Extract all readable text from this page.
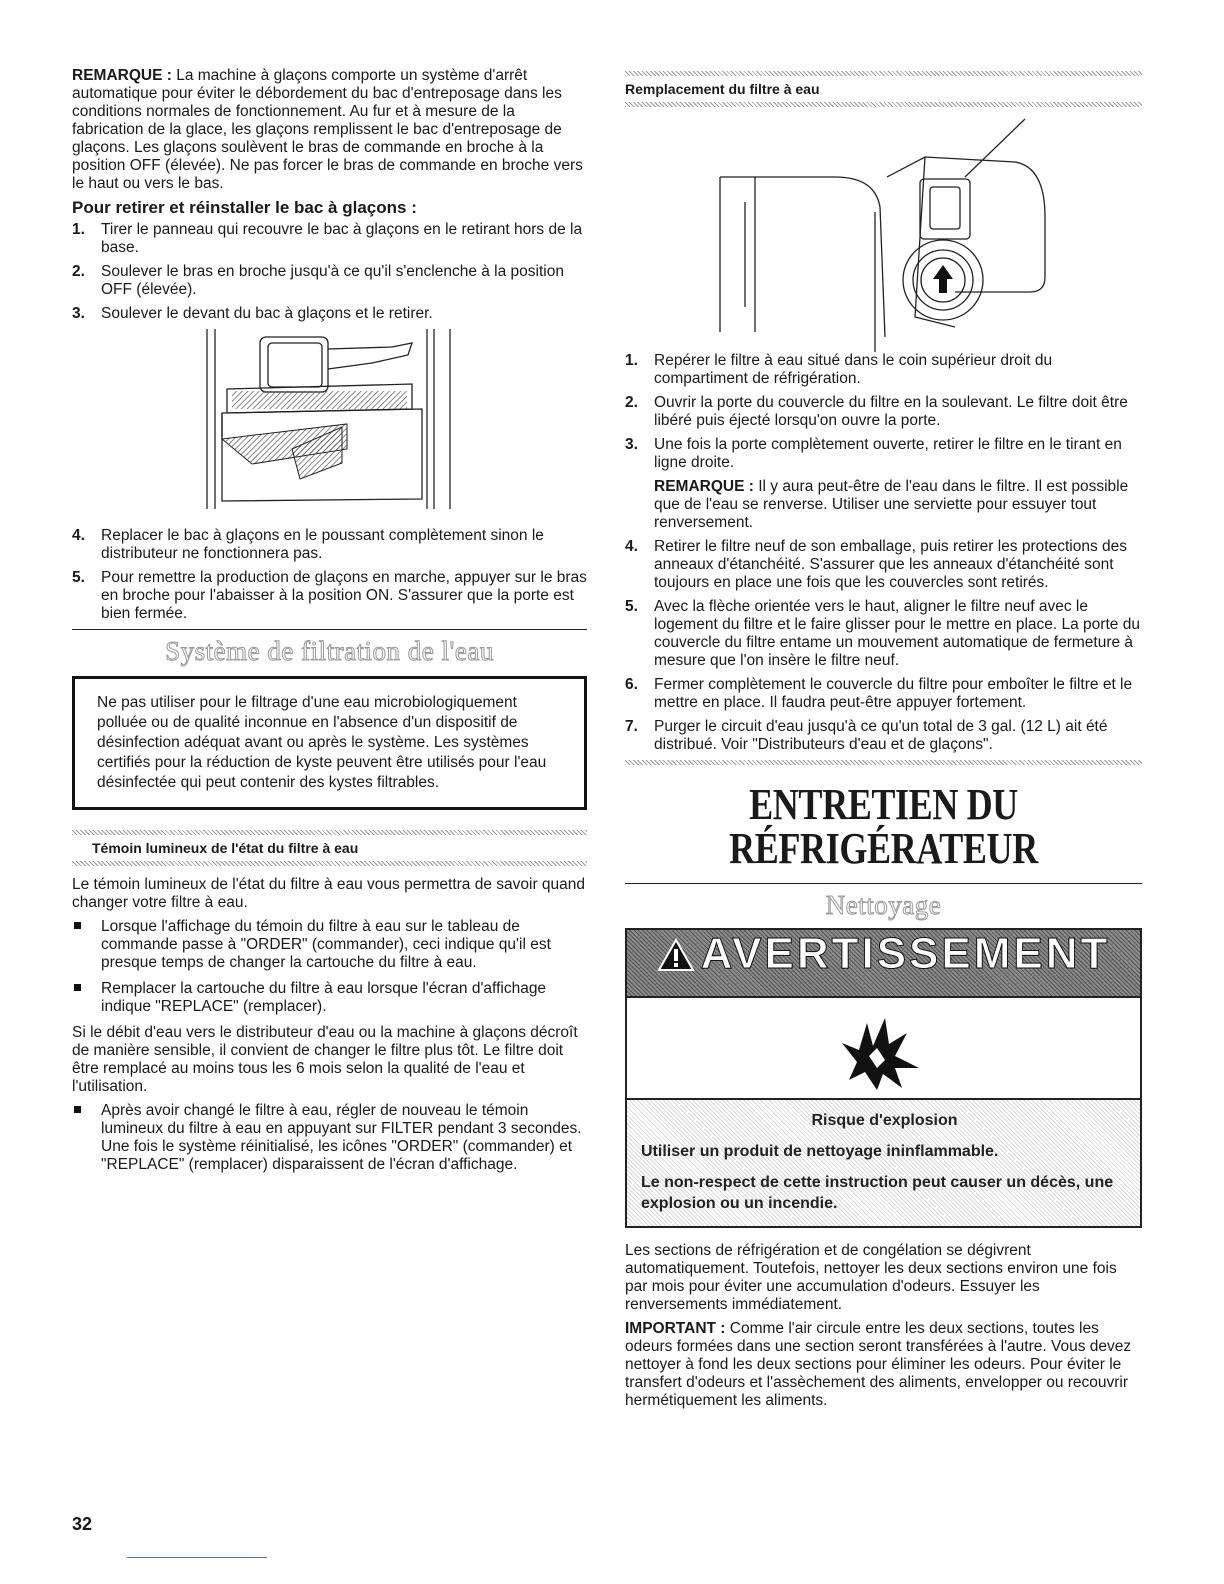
REMARQUE : La machine à glaçons comporte un système d'arrêt automatique pour éviter le débordement du bac d'entreposage dans les conditions normales de fonctionnement. Au fur et à mesure de la fabrication de la glace, les glaçons remplissent le bac d'entreposage de glaçons. Les glaçons soulèvent le bras de commande en broche à la position OFF (élevée). Ne pas forcer le bras de commande en broche vers le haut ou vers le bas.

Pour retirer et réinstaller le bac à glaçons :
1. Tirer le panneau qui recouvre le bac à glaçons en le retirant hors de la base.
2. Soulever le bras en broche jusqu'à ce qu'il s'enclenche à la position OFF (élevée).
3. Soulever le devant du bac à glaçons et le retirer.
4. Replacer le bac à glaçons en le poussant complètement sinon le distributeur ne fonctionnera pas.
5. Pour remettre la production de glaçons en marche, appuyer sur le bras en broche pour l'abaisser à la position ON. S'assurer que la porte est bien fermée.
Système de filtration de l'eau
Ne pas utiliser pour le filtrage d'une eau microbiologiquement polluée ou de qualité inconnue en l'absence d'un dispositif de désinfection adéquat avant ou après le système. Les systèmes certifiés pour la réduction de kyste peuvent être utilisés pour l'eau désinfectée qui peut contenir des kystes filtrables.
Témoin lumineux de l'état du filtre à eau

Le témoin lumineux de l'état du filtre à eau vous permettra de savoir quand changer votre filtre à eau.

Lorsque l'affichage du témoin du filtre à eau sur le tableau de commande passe à "ORDER" (commander), ceci indique qu'il est presque temps de changer la cartouche du filtre à eau.
Remplacer la cartouche du filtre à eau lorsque l'écran d'affichage indique "REPLACE" (remplacer).

Si le débit d'eau vers le distributeur d'eau ou la machine à glaçons décroît de manière sensible, il convient de changer le filtre plus tôt. Le filtre doit être remplacé au moins tous les 6 mois selon la qualité de l'eau et l'utilisation.

Après avoir changé le filtre à eau, régler de nouveau le témoin lumineux du filtre à eau en appuyant sur FILTER pendant 3 secondes. Une fois le système réinitialisé, les icônes "ORDER" (commander) et "REPLACE" (remplacer) disparaissent de l'écran d'affichage.
Remplacement du filtre à eau
1. Repérer le filtre à eau situé dans le coin supérieur droit du compartiment de réfrigération.
2. Ouvrir la porte du couvercle du filtre en la soulevant. Le filtre doit être libéré puis éjecté lorsqu'on ouvre la porte.
3. Une fois la porte complètement ouverte, retirer le filtre en le tirant en ligne droite.
REMARQUE : Il y aura peut-être de l'eau dans le filtre. Il est possible que de l'eau se renverse. Utiliser une serviette pour essuyer tout renversement.
4. Retirer le filtre neuf de son emballage, puis retirer les protections des anneaux d'étanchéité. S'assurer que les anneaux d'étanchéité sont toujours en place une fois que les couvercles sont retirés.
5. Avec la flèche orientée vers le haut, aligner le filtre neuf avec le logement du filtre et le faire glisser pour le mettre en place. La porte du couvercle du filtre entame un mouvement automatique de fermeture à mesure que l'on insère le filtre neuf.
6. Fermer complètement le couvercle du filtre pour emboîter le filtre et le mettre en place. Il faudra peut-être appuyer fortement.
7. Purger le circuit d'eau jusqu'à ce qu'un total de 3 gal. (12 L) ait été distribué. Voir "Distributeurs d'eau et de glaçons".
ENTRETIEN DU
RÉFRIGÉRATEUR
Nettoyage
AVERTISSEMENT
Risque d'explosion
Utiliser un produit de nettoyage ininflammable.
Le non-respect de cette instruction peut causer un décès, une explosion ou un incendie.

Les sections de réfrigération et de congélation se dégivrent automatiquement. Toutefois, nettoyer les deux sections environ une fois par mois pour éviter une accumulation d'odeurs. Essuyer les renversements immédiatement.

IMPORTANT : Comme l'air circule entre les deux sections, toutes les odeurs formées dans une section seront transférées à l'autre. Vous devez nettoyer à fond les deux sections pour éliminer les odeurs. Pour éviter le transfert d'odeurs et l'assèchement des aliments, envelopper ou recouvrir hermétiquement les aliments.

32
